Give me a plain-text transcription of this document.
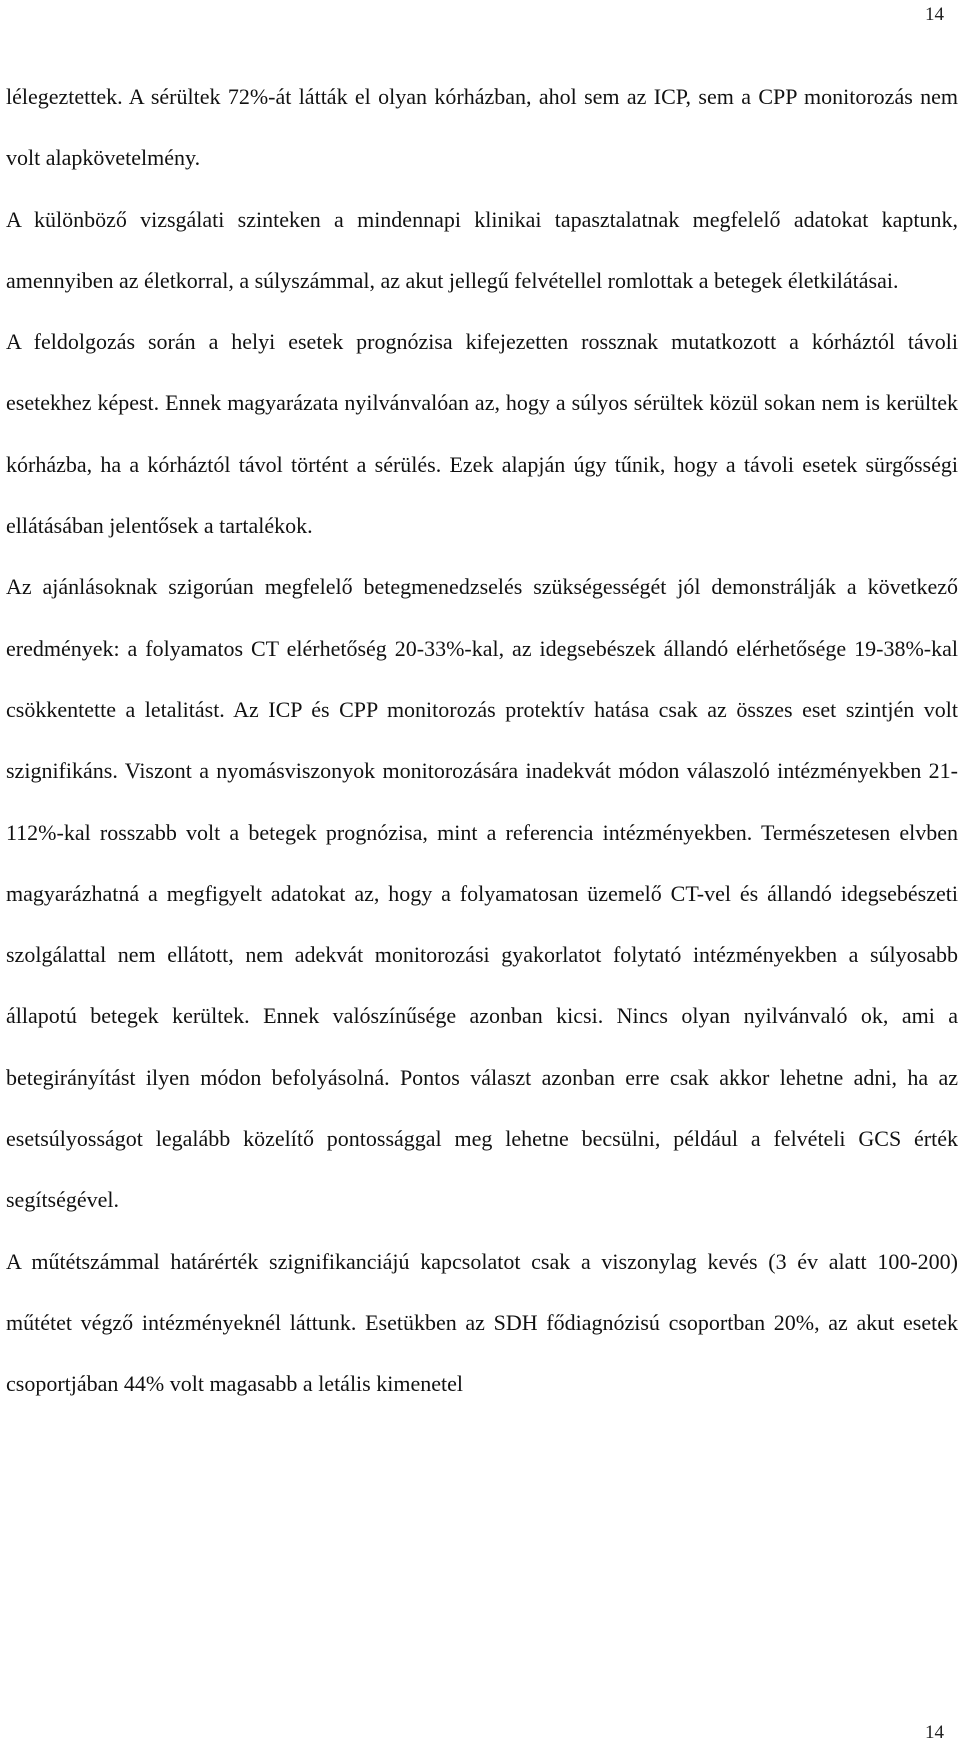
14

lélegeztettek. A sérültek 72%-át látták el olyan kórházban, ahol sem az ICP, sem a CPP monitorozás nem volt alapkövetelmény.

A különböző vizsgálati szinteken a mindennapi klinikai tapasztalatnak megfelelő adatokat kaptunk, amennyiben az életkorral, a súlyszámmal, az akut jellegű felvétellel romlottak a betegek életkilátásai.

A feldolgozás során a helyi esetek prognózisa kifejezetten rossznak mutatkozott a kórháztól távoli esetekhez képest. Ennek magyarázata nyilvánvalóan az, hogy a súlyos sérültek közül sokan nem is kerültek kórházba, ha a kórháztól távol történt a sérülés. Ezek alapján úgy tűnik, hogy a távoli esetek sürgősségi ellátásában jelentősek a tartalékok.

Az ajánlásoknak szigorúan megfelelő betegmenedzselés szükségességét jól demonstrálják a következő eredmények: a folyamatos CT elérhetőség 20-33%-kal, az idegsebészek állandó elérhetősége 19-38%-kal csökkentette a letalitást. Az ICP és CPP monitorozás protektív hatása csak az összes eset szintjén volt szignifikáns. Viszont a nyomásviszonyok monitorozására inadekvát módon válaszoló intézményekben 21-112%-kal rosszabb volt a betegek prognózisa, mint a referencia intézményekben. Természetesen elvben magyarázhatná a megfigyelt adatokat az, hogy a folyamatosan üzemelő CT-vel és állandó idegsebészeti szolgálattal nem ellátott, nem adekvát monitorozási gyakorlatot folytató intézményekben a súlyosabb állapotú betegek kerültek. Ennek valószínűsége azonban kicsi. Nincs olyan nyilvánvaló ok, ami a betegirányítást ilyen módon befolyásolná. Pontos választ azonban erre csak akkor lehetne adni, ha az esetsúlyosságot legalább közelítő pontossággal meg lehetne becsülni, például a felvételi GCS érték segítségével.

A műtétszámmal határérték szignifikanciájú kapcsolatot csak a viszonylag kevés (3 év alatt 100-200) műtétet végző intézményeknél láttunk. Esetükben az SDH fődiagnózisú csoportban 20%, az akut esetek csoportjában 44% volt magasabb a letális kimenetel

14
